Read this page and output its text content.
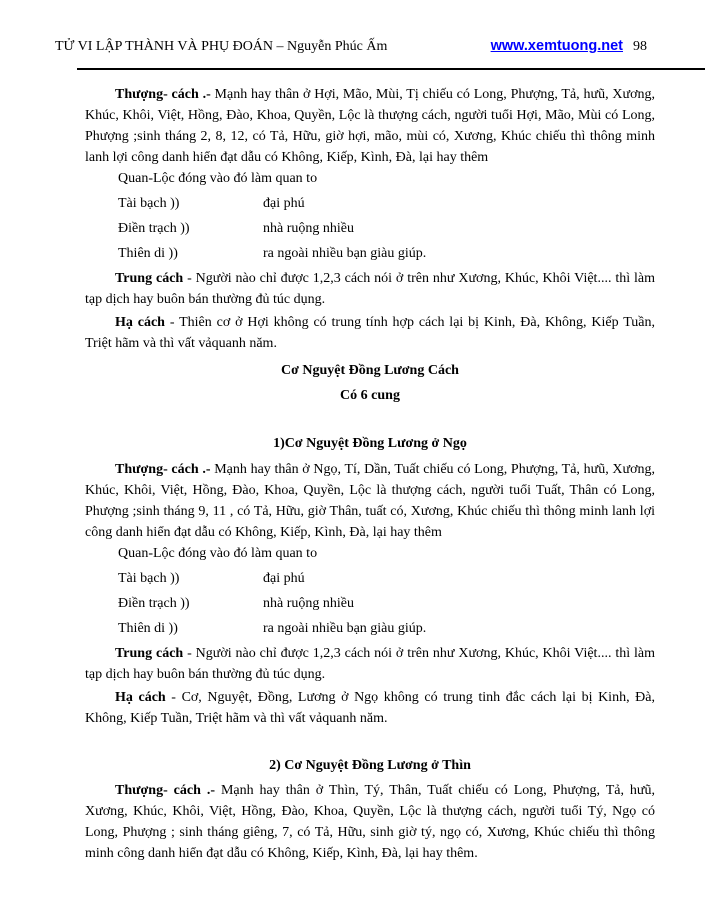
TỬ VI LẬP THÀNH VÀ PHỤ ĐOÁN – Nguyễn Phúc Ấm	www.xemtuong.net 98

Thượng- cách .- Mạnh hay thân ở Hợi, Mão, Mùi, Tị chiếu có Long, Phượng, Tả, hưũ, Xương, Khúc, Khôi, Việt, Hồng, Đào, Khoa, Quyền, Lộc là thượng cách, người tuổi Hợi, Mão, Mùi có Long, Phượng ;sinh tháng 2, 8, 12, có Tả, Hữu, giờ hợi, mão, mùi có, Xương, Khúc chiếu thì thông minh lanh lợi công danh hiển đạt dẫu có Không, Kiếp, Kình, Đà, lại hay thêm

Quan-Lộc đóng vào đó làm quan to
Tài bạch ))	đại phú
Điền trạch ))	nhà ruộng nhiều
Thiên di ))	ra ngoài nhiều bạn giàu giúp.

Trung cách - Người nào chỉ được 1,2,3 cách nói ở trên như Xương, Khúc, Khôi Việt.... thì làm tạp dịch hay buôn bán thường đủ túc dụng.

Hạ cách - Thiên cơ ở Hợi không có trung tính hợp cách lại bị Kinh, Đà, Không, Kiếp Tuần, Triệt hãm và thì vất vảquanh năm.

Cơ Nguyệt Đồng Lương Cách
Có 6 cung
1)Cơ Nguyệt Đồng Lương ở Ngọ

Thượng- cách .- Mạnh hay thân ở Ngọ, Tí, Dần, Tuất chiếu có Long, Phượng, Tả, hưũ, Xương, Khúc, Khôi, Việt, Hồng, Đào, Khoa, Quyền, Lộc là thượng cách, người tuổi Tuất, Thân có Long, Phượng ;sinh tháng 9, 11 , có Tả, Hữu, giờ Thân, tuất có, Xương, Khúc chiếu thì thông minh lanh lợi công danh hiển đạt dẫu có Không, Kiếp, Kình, Đà, lại hay thêm

Quan-Lộc đóng vào đó làm quan to
Tài bạch ))	đại phú
Điền trạch ))	nhà ruộng nhiều
Thiên di ))	ra ngoài nhiều bạn giàu giúp.

Trung cách - Người nào chỉ được 1,2,3 cách nói ở trên như Xương, Khúc, Khôi Việt.... thì làm tạp dịch hay buôn bán thường đủ túc dụng.

Hạ cách - Cơ, Nguyệt, Đồng, Lương ở Ngọ không có trung tinh đắc cách lại bị Kinh, Đà, Không, Kiếp Tuần, Triệt hãm và thì vất vảquanh năm.

2) Cơ Nguyệt Đồng Lương ở Thìn

Thượng- cách .- Mạnh hay thân ở Thìn, Tý, Thân, Tuất chiếu có Long, Phượng, Tả, hưũ, Xương, Khúc, Khôi, Việt, Hồng, Đào, Khoa, Quyền, Lộc là thượng cách, người tuổi Tý, Ngọ có Long, Phượng ; sinh tháng giêng, 7, có Tả, Hữu, sinh giờ tý, ngọ có, Xương, Khúc chiếu thì thông minh công danh hiển đạt dẫu có Không, Kiếp, Kình, Đà, lại hay thêm.
